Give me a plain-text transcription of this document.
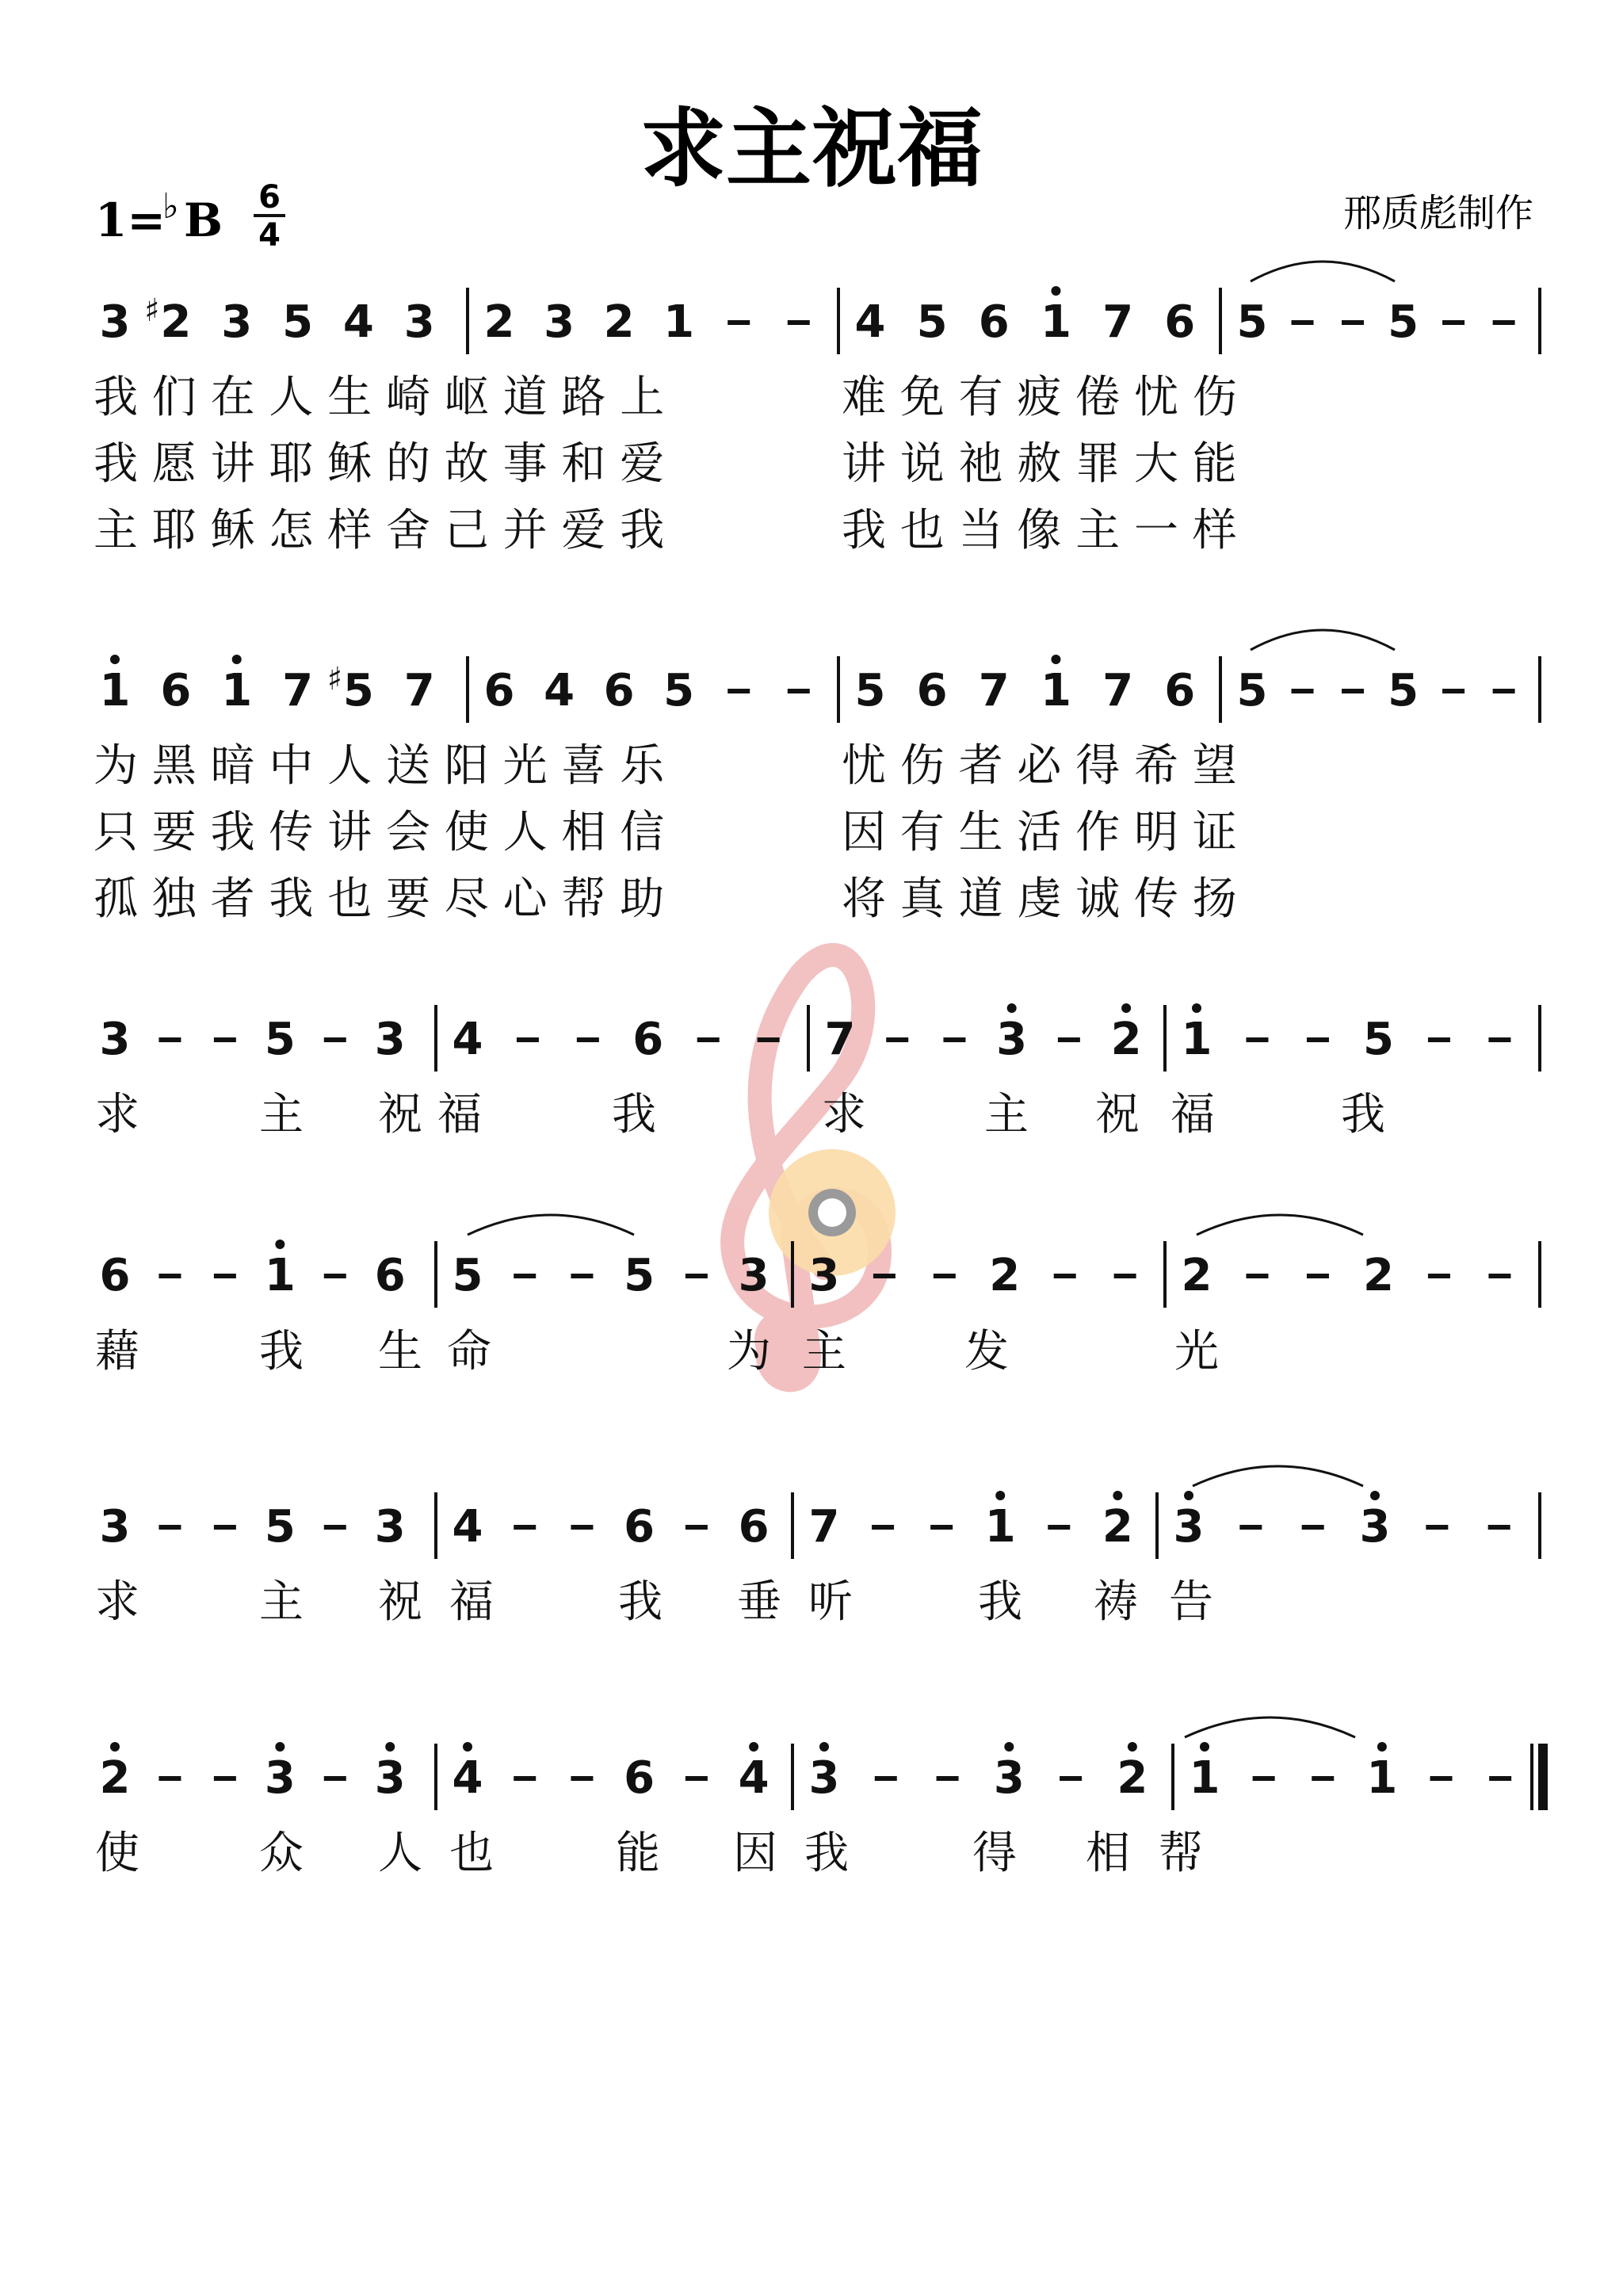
求主祝福
邢质彪制作
1=
♭ B 6
4
3 2
♯ 3 5 4 3 2 3 2 1	4 5 6 1 7 6 5	5
我 们 在 人 生 崎 岖 道 路 上	难 免 有 疲 倦 忧 伤
我 愿 讲 耶 稣 的 故 事 和 爱	讲 说 祂 赦 罪 大 能
主 耶 稣 怎 样 舍 己 并 爱 我	我 也 当 像 主 一 样
1 6 1 7 5
♯ 7 6 4 6 5	5 6 7 1 7 6 5	5
为 黑 暗 中 人 送 阳 光 喜 乐	忧 伤 者 必 得 希 望
只 要 我 传 讲 会 使 人 相 信	因 有 生 活 作 明 证
孤 独 者 我 也 要 尽 心 帮 助	将 真 道 虔 诚 传 扬
3	5 3 4	6	7	3 2 1	5
求	主 祝 福	我	求	主 祝 福	我
6	1 6 5	5 3 3	2	2	2
藉	我 生 命	为 主	发	光
3	5 3 4	6 6 7	1 2 3	3
求	主 祝 福	我 垂 听	我 祷 告
2	3 3 4	6 4 3	3 2 1	1
使	众 人 也	能 因 我	得 相 帮
